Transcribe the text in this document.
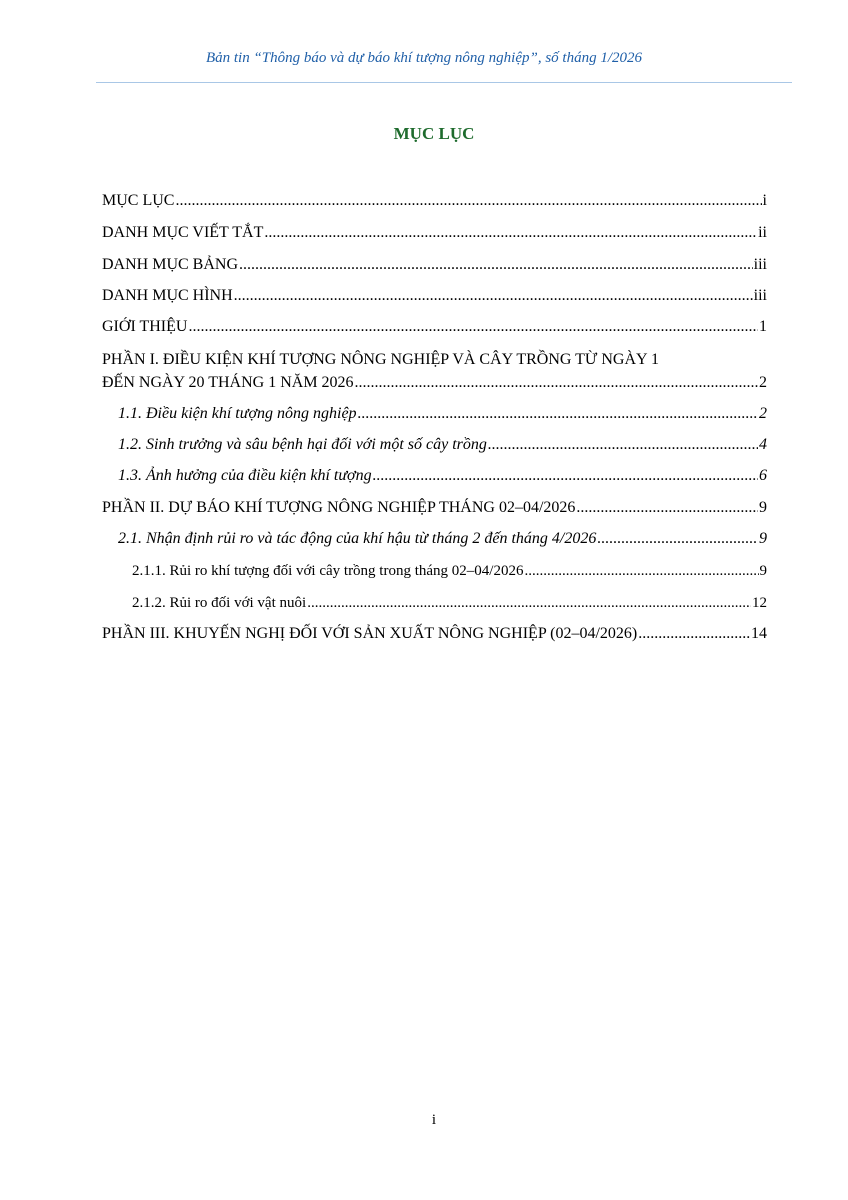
Bản tin “Thông báo và dự báo khí tượng nông nghiệp”, số tháng 1/2026
MỤC LỤC
MỤC LỤC .....	i
DANH MỤC VIẾT TẮT .....	ii
DANH MỤC BẢNG .....	iii
DANH MỤC HÌNH .....	iii
GIỚI THIỆU .....	1
PHẦN I. ĐIỀU KIỆN KHÍ TƯỢNG NÔNG NGHIỆP VÀ CÂY TRỒNG TỪ NGÀY 1
ĐẾN NGÀY 20 THÁNG 1 NĂM 2026 .....	2
1.1. Điều kiện khí tượng nông nghiệp .....	2
1.2. Sinh trưởng và sâu bệnh hại đối với một số cây trồng .....	4
1.3. Ảnh hưởng của điều kiện khí tượng .....	6
PHẦN II. DỰ BÁO KHÍ TƯỢNG NÔNG NGHIỆP THÁNG 02–04/2026 .....	9
2.1. Nhận định rủi ro và tác động của khí hậu từ tháng 2 đến tháng 4/2026 .....	9
2.1.1. Rủi ro khí tượng đối với cây trồng trong tháng 02–04/2026 .....	9
2.1.2. Rủi ro đối với vật nuôi .....	12
PHẦN III. KHUYẾN NGHỊ ĐỐI VỚI SẢN XUẤT NÔNG NGHIỆP (02–04/2026) .....	14
i
